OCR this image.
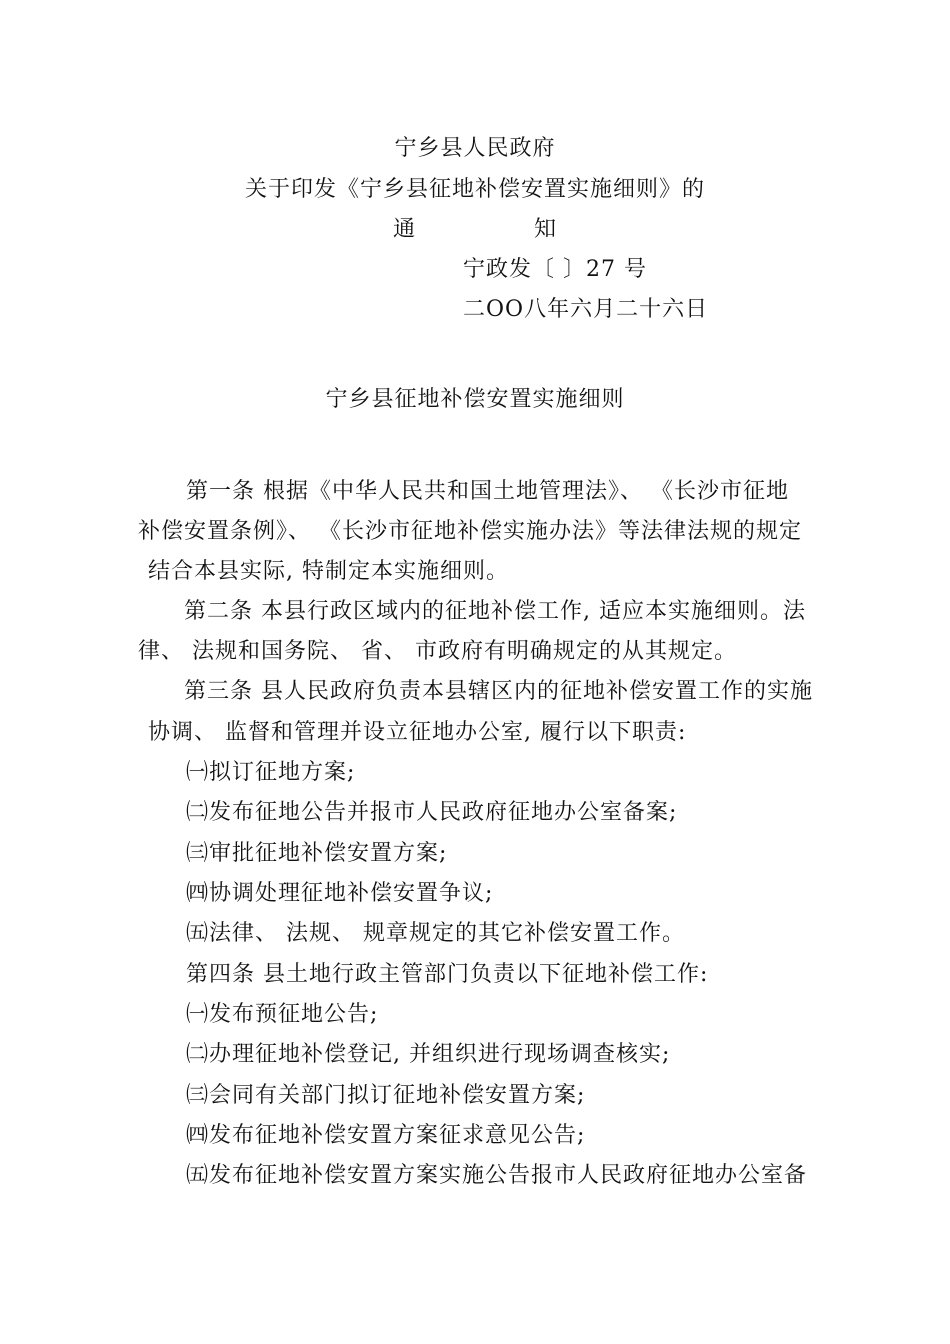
宁乡县人民政府
关于印发《宁乡县征地补偿安置实施细则》的
通	知
宁政发〔 〕27 号
二OO八年六月二十六日
宁乡县征地补偿安置实施细则
第一条 根据《中华人民共和国土地管理法》、 《长沙市征地
补偿安置条例》、 《长沙市征地补偿实施办法》等法律法规的规定
结合本县实际, 特制定本实施细则。
第二条 本县行政区域内的征地补偿工作, 适应本实施细则。法
律、 法规和国务院、 省、 市政府有明确规定的从其规定。
第三条 县人民政府负责本县辖区内的征地补偿安置工作的实施
协调、 监督和管理并设立征地办公室, 履行以下职责:
㈠拟订征地方案;
㈡发布征地公告并报市人民政府征地办公室备案;
㈢审批征地补偿安置方案;
㈣协调处理征地补偿安置争议;
㈤法律、 法规、 规章规定的其它补偿安置工作。
第四条 县土地行政主管部门负责以下征地补偿工作:
㈠发布预征地公告;
㈡办理征地补偿登记, 并组织进行现场调查核实;
㈢会同有关部门拟订征地补偿安置方案;
㈣发布征地补偿安置方案征求意见公告;
㈤发布征地补偿安置方案实施公告报市人民政府征地办公室备
